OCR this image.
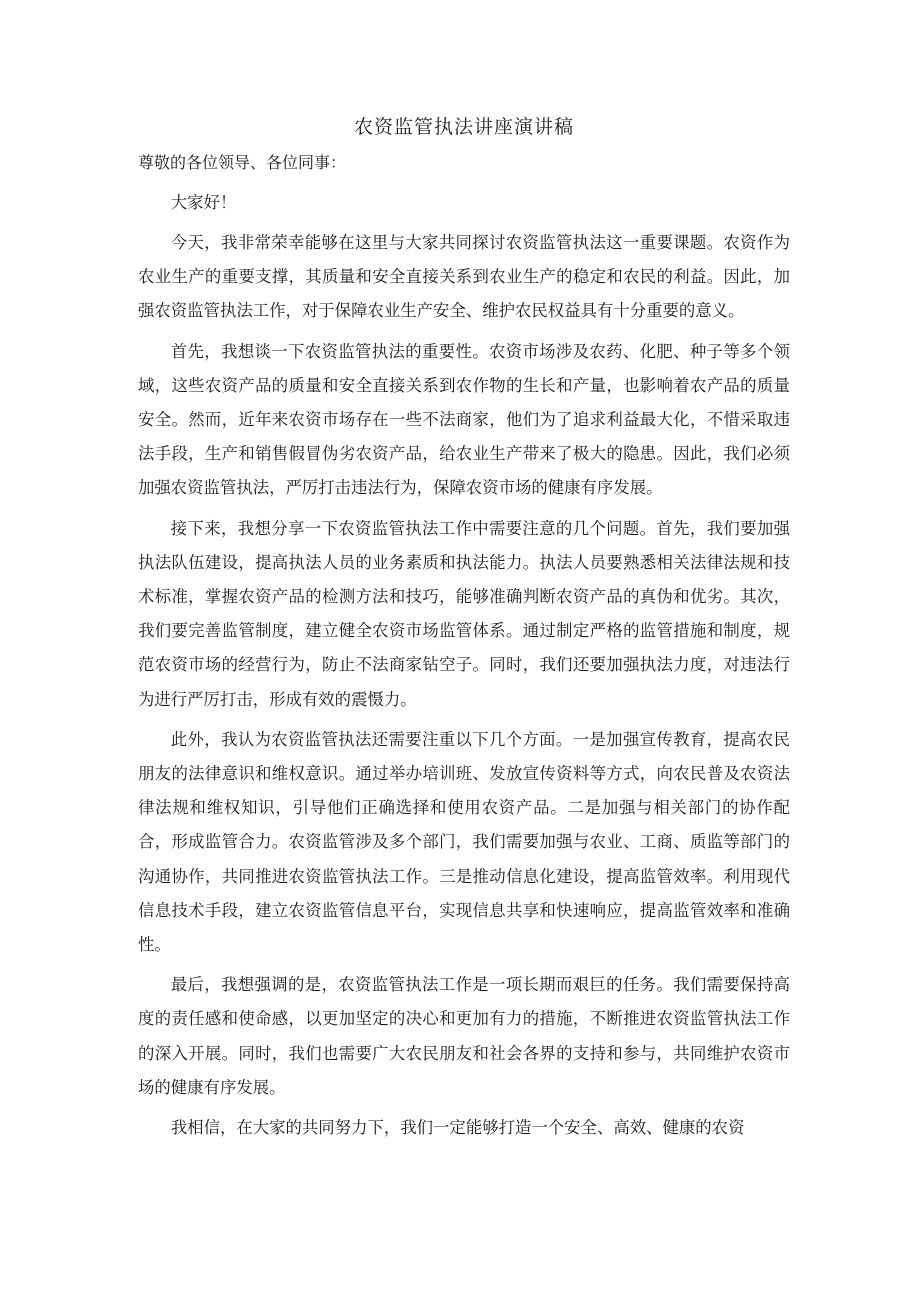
农资监管执法讲座演讲稿

尊敬的各位领导、各位同事：

大家好！

今天，我非常荣幸能够在这里与大家共同探讨农资监管执法这一重要课题。农资作为农业生产的重要支撑，其质量和安全直接关系到农业生产的稳定和农民的利益。因此，加强农资监管执法工作，对于保障农业生产安全、维护农民权益具有十分重要的意义。

首先，我想谈一下农资监管执法的重要性。农资市场涉及农药、化肥、种子等多个领域，这些农资产品的质量和安全直接关系到农作物的生长和产量，也影响着农产品的质量安全。然而，近年来农资市场存在一些不法商家，他们为了追求利益最大化，不惜采取违法手段，生产和销售假冒伪劣农资产品，给农业生产带来了极大的隐患。因此，我们必须加强农资监管执法，严厉打击违法行为，保障农资市场的健康有序发展。

接下来，我想分享一下农资监管执法工作中需要注意的几个问题。首先，我们要加强执法队伍建设，提高执法人员的业务素质和执法能力。执法人员要熟悉相关法律法规和技术标准，掌握农资产品的检测方法和技巧，能够准确判断农资产品的真伪和优劣。其次，我们要完善监管制度，建立健全农资市场监管体系。通过制定严格的监管措施和制度，规范农资市场的经营行为，防止不法商家钻空子。同时，我们还要加强执法力度，对违法行为进行严厉打击，形成有效的震慑力。

此外，我认为农资监管执法还需要注重以下几个方面。一是加强宣传教育，提高农民朋友的法律意识和维权意识。通过举办培训班、发放宣传资料等方式，向农民普及农资法律法规和维权知识，引导他们正确选择和使用农资产品。二是加强与相关部门的协作配合，形成监管合力。农资监管涉及多个部门，我们需要加强与农业、工商、质监等部门的沟通协作，共同推进农资监管执法工作。三是推动信息化建设，提高监管效率。利用现代信息技术手段，建立农资监管信息平台，实现信息共享和快速响应，提高监管效率和准确性。

最后，我想强调的是，农资监管执法工作是一项长期而艰巨的任务。我们需要保持高度的责任感和使命感，以更加坚定的决心和更加有力的措施，不断推进农资监管执法工作的深入开展。同时，我们也需要广大农民朋友和社会各界的支持和参与，共同维护农资市场的健康有序发展。

我相信，在大家的共同努力下，我们一定能够打造一个安全、高效、健康的农资
